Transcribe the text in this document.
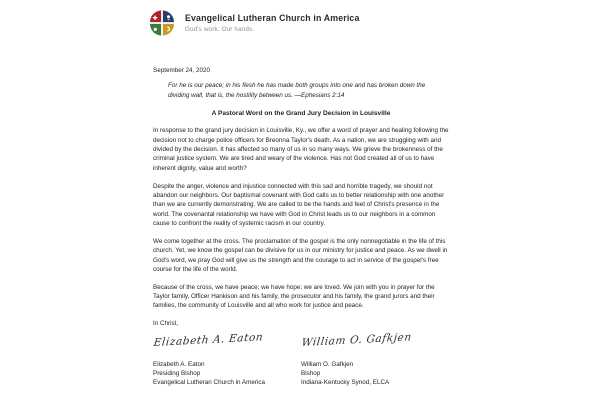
Evangelical Lutheran Church in America
God's work. Our hands.
September 24, 2020
For he is our peace; in his flesh he has made both groups into one and has broken down the dividing wall, that is, the hostility between us. —Ephesians 2:14
A Pastoral Word on the Grand Jury Decision in Louisville

In response to the grand jury decision in Louisville, Ky., we offer a word of prayer and healing following the decision not to charge police officers for Breonna Taylor's death. As a nation, we are struggling with and divided by the decision. It has affected so many of us in so many ways. We grieve the brokenness of the criminal justice system. We are tired and weary of the violence. Has not God created all of us to have inherent dignity, value and worth?

Despite the anger, violence and injustice connected with this sad and horrible tragedy, we should not abandon our neighbors. Our baptismal covenant with God calls us to better relationship with one another than we are currently demonstrating. We are called to be the hands and feet of Christ's presence in the world. The covenantal relationship we have with God in Christ leads us to our neighbors in a common cause to confront the reality of systemic racism in our country.

We come together at the cross. The proclamation of the gospel is the only nonnegotiable in the life of this church. Yet, we know the gospel can be divisive for us in our ministry for justice and peace. As we dwell in God's word, we pray God will give us the strength and the courage to act in service of the gospel's free course for the life of the world.

Because of the cross, we have peace; we have hope; we are loved. We join with you in prayer for the Taylor family, Officer Hankison and his family, the prosecutor and his family, the grand jurors and their families, the community of Louisville and all who work for justice and peace.

In Christ,
Elizabeth A. Eaton	William O. Gafkjen
Elizabeth A. Eaton
Presiding Bishop
Evangelical Lutheran Church in America
William O. Gafkjen
Bishop
Indiana-Kentucky Synod, ELCA
